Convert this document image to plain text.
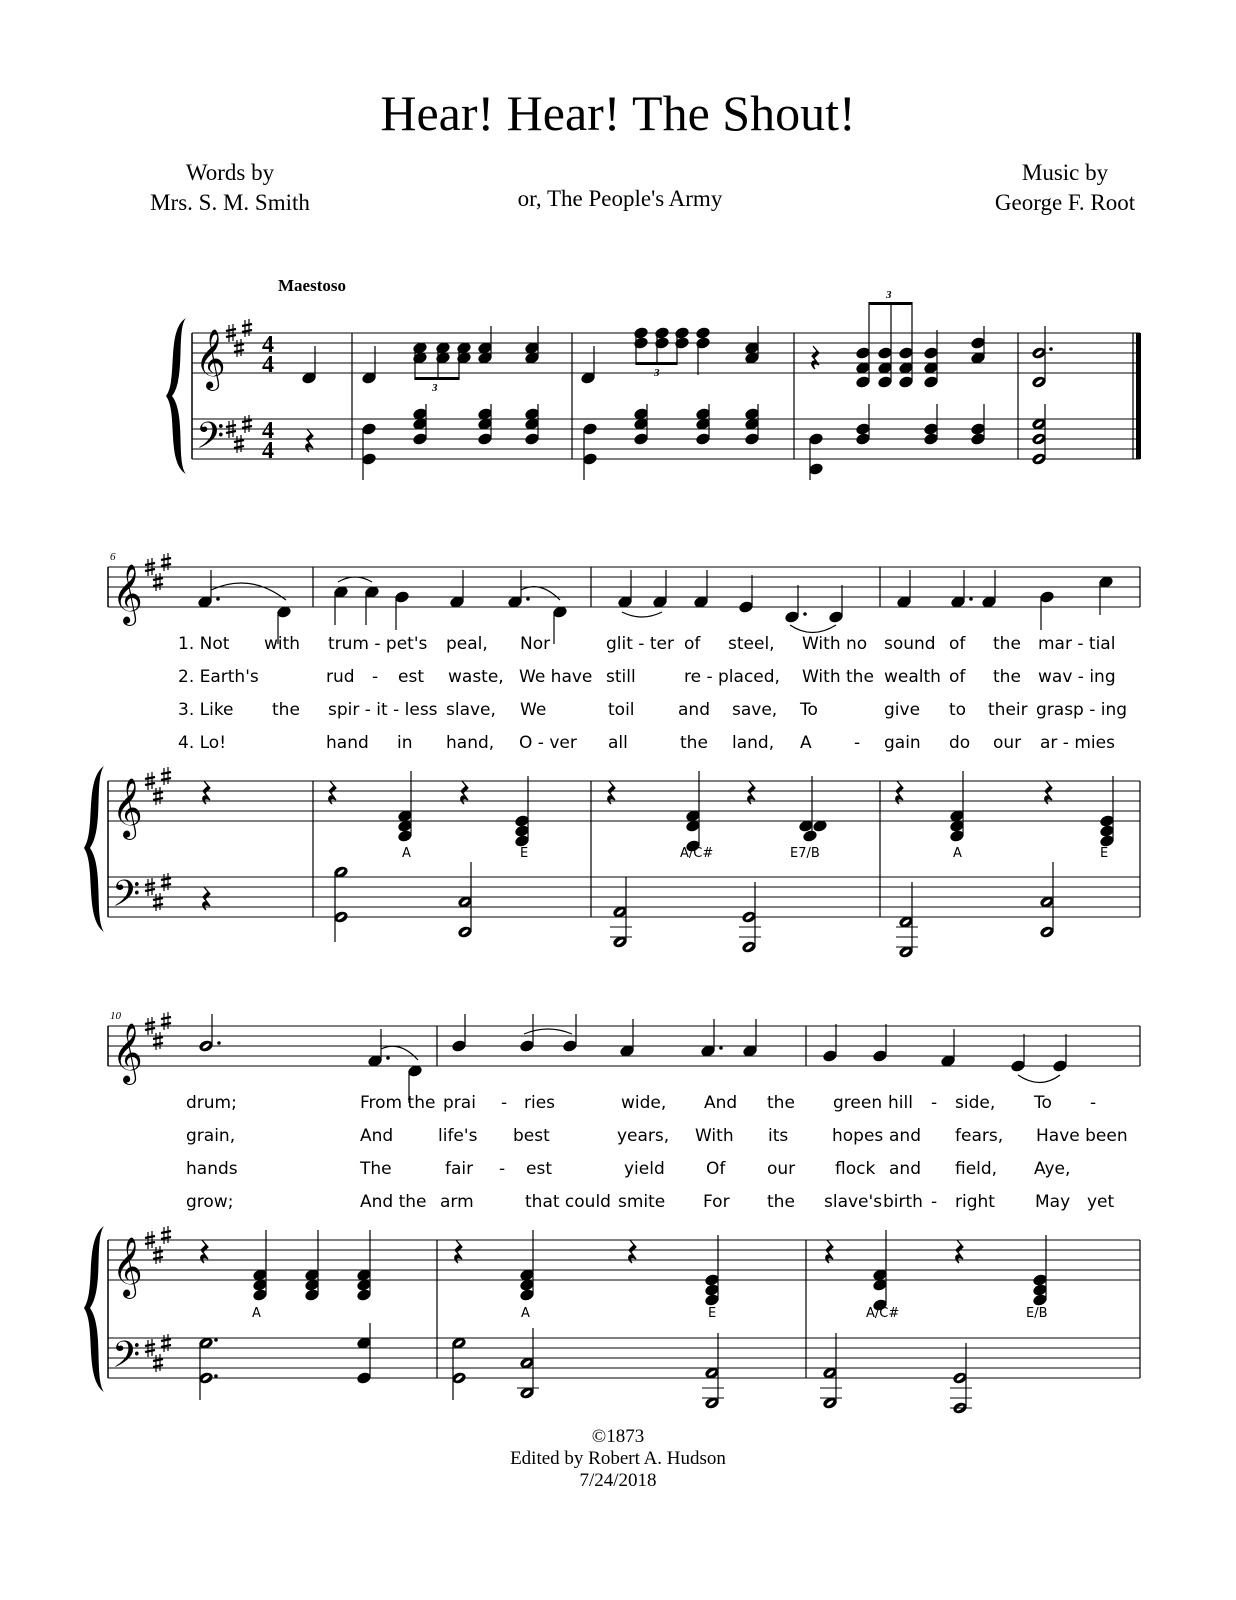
Hear! Hear! The Shout!
Words by
Mrs. S. M. Smith	or, The People's Army
Music by
George F. Root
Maestoso
𝄞
𝄢
4
4
4
4
3
3
3
6
𝄞
𝄞
𝄢
10
𝄞
𝄞
𝄢
1. Not with trum - pet's peal, Nor	glit - ter of steel, With no sound of the mar - tial
2. Earth's	rud - est waste, We have still	re - placed, With the wealth of the wav - ing
3. Like the spir - it - less slave, We	toil	and save, To	give to their grasp - ing
4. Lo!	hand in hand, O - ver all	the land, A - gain do our ar - mies
A	E	A/C#	E7/B	A	E
drum;	From the prai - ries	wide, And the green hill - side, To -
grain,	And	life's best	years, With its	hopes and fears, Have been
hands	The	fair - est	yield Of our flock and field, Aye,
grow;	And the arm	that could smite For the slave's birth - right May yet
A	A	E	A/C#	E/B
©1873
Edited by Robert A. Hudson
7/24/2018
